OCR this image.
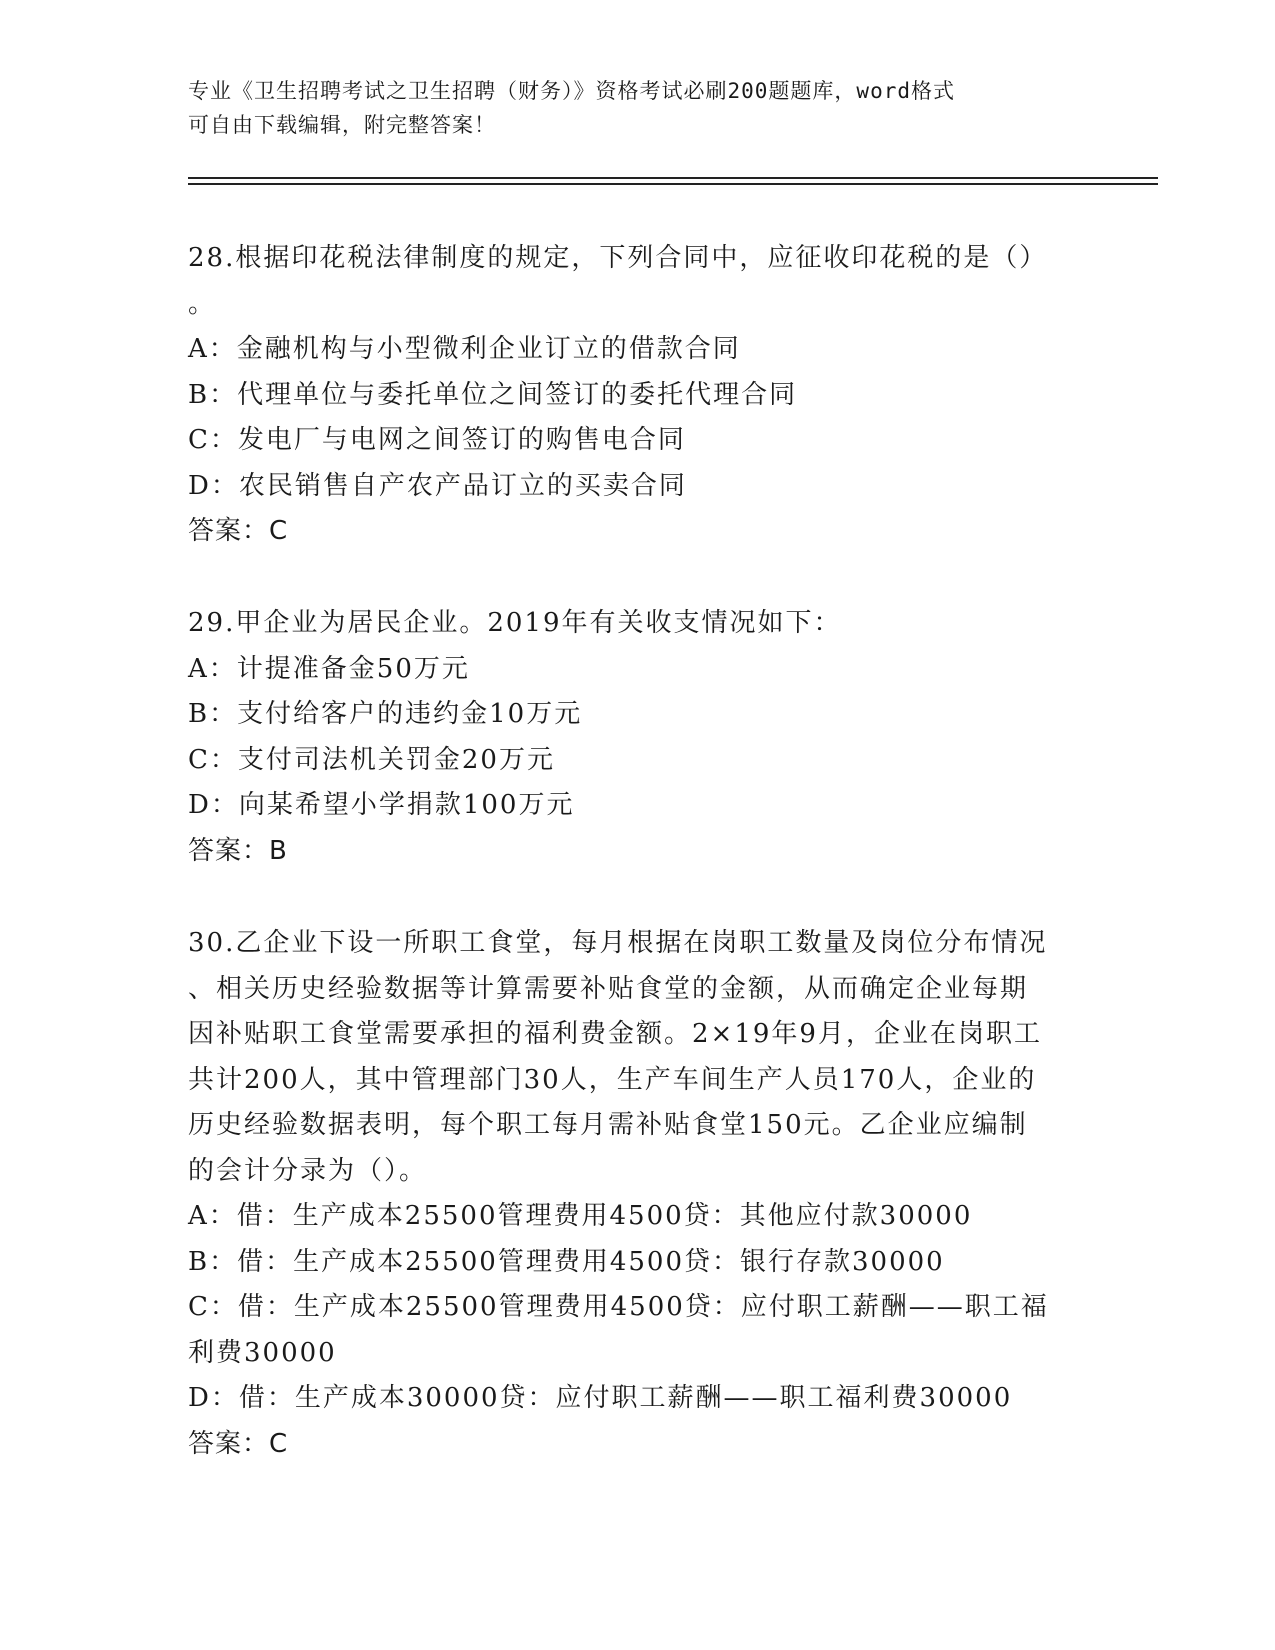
专业《卫生招聘考试之卫生招聘（财务）》资格考试必刷200题题库，word格式
可自由下载编辑，附完整答案！
28.根据印花税法律制度的规定，下列合同中，应征收印花税的是（）
。
A：金融机构与小型微利企业订立的借款合同
B：代理单位与委托单位之间签订的委托代理合同
C：发电厂与电网之间签订的购售电合同
D：农民销售自产农产品订立的买卖合同
答案：C
29.甲企业为居民企业。2019年有关收支情况如下：
A：计提准备金50万元
B：支付给客户的违约金10万元
C：支付司法机关罚金20万元
D：向某希望小学捐款100万元
答案：B
30.乙企业下设一所职工食堂，每月根据在岗职工数量及岗位分布情况
、相关历史经验数据等计算需要补贴食堂的金额，从而确定企业每期
因补贴职工食堂需要承担的福利费金额。2×19年9月，企业在岗职工
共计200人，其中管理部门30人，生产车间生产人员170人，企业的
历史经验数据表明，每个职工每月需补贴食堂150元。乙企业应编制
的会计分录为（）。
A：借：生产成本25500管理费用4500贷：其他应付款30000
B：借：生产成本25500管理费用4500贷：银行存款30000
C：借：生产成本25500管理费用4500贷：应付职工薪酬——职工福
利费30000
D：借：生产成本30000贷：应付职工薪酬——职工福利费30000
答案：C
